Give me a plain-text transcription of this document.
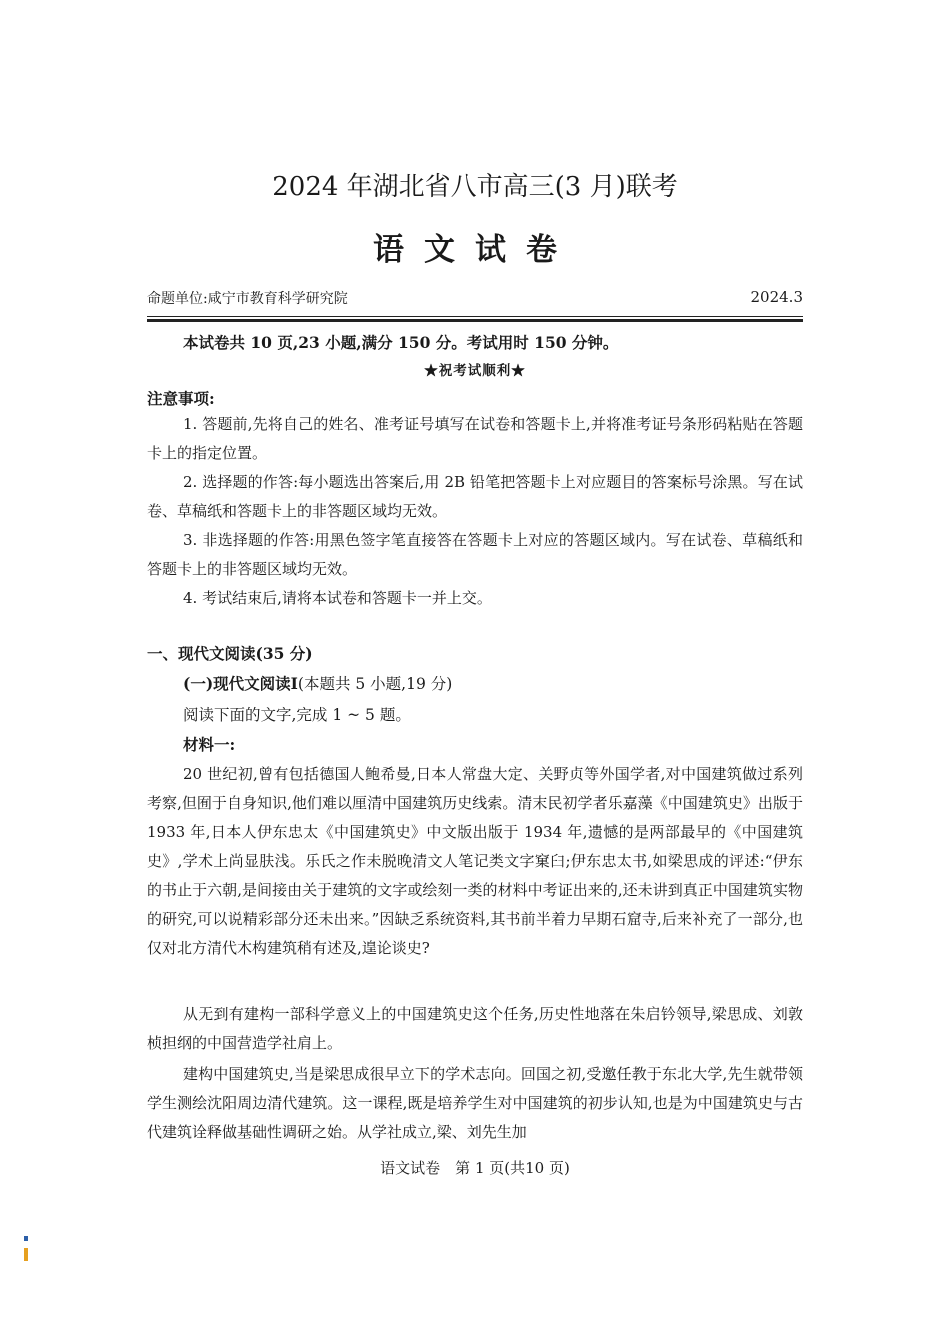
2024 年湖北省八市高三(3 月)联考
语文试卷
命题单位:咸宁市教育科学研究院	2024.3
本试卷共 10 页,23 小题,满分 150 分。考试用时 150 分钟。
★祝考试顺利★
注意事项:
1. 答题前,先将自己的姓名、准考证号填写在试卷和答题卡上,并将准考证号条形码粘贴在答题卡上的指定位置。
2. 选择题的作答:每小题选出答案后,用 2B 铅笔把答题卡上对应题目的答案标号涂黑。写在试卷、草稿纸和答题卡上的非答题区域均无效。
3. 非选择题的作答:用黑色签字笔直接答在答题卡上对应的答题区域内。写在试卷、草稿纸和答题卡上的非答题区域均无效。
4. 考试结束后,请将本试卷和答题卡一并上交。
一、现代文阅读(35 分)
(一)现代文阅读Ⅰ(本题共 5 小题,19 分)
阅读下面的文字,完成 1 ~ 5 题。
材料一:
20 世纪初,曾有包括德国人鲍希曼,日本人常盘大定、关野贞等外国学者,对中国建筑做过系列考察,但囿于自身知识,他们难以厘清中国建筑历史线索。清末民初学者乐嘉藻《中国建筑史》出版于 1933 年,日本人伊东忠太《中国建筑史》中文版出版于 1934 年,遗憾的是两部最早的《中国建筑史》,学术上尚显肤浅。乐氏之作未脱晚清文人笔记类文字窠臼;伊东忠太书,如梁思成的评述:“伊东的书止于六朝,是间接由关于建筑的文字或绘刻一类的材料中考证出来的,还未讲到真正中国建筑实物的研究,可以说精彩部分还未出来。”因缺乏系统资料,其书前半着力早期石窟寺,后来补充了一部分,也仅对北方清代木构建筑稍有述及,遑论谈史?
从无到有建构一部科学意义上的中国建筑史这个任务,历史性地落在朱启钤领导,梁思成、刘敦桢担纲的中国营造学社肩上。
建构中国建筑史,当是梁思成很早立下的学术志向。回国之初,受邀任教于东北大学,先生就带领学生测绘沈阳周边清代建筑。这一课程,既是培养学生对中国建筑的初步认知,也是为中国建筑史与古代建筑诠释做基础性调研之始。从学社成立,梁、刘先生加
语文试卷　第 1 页(共10 页)
